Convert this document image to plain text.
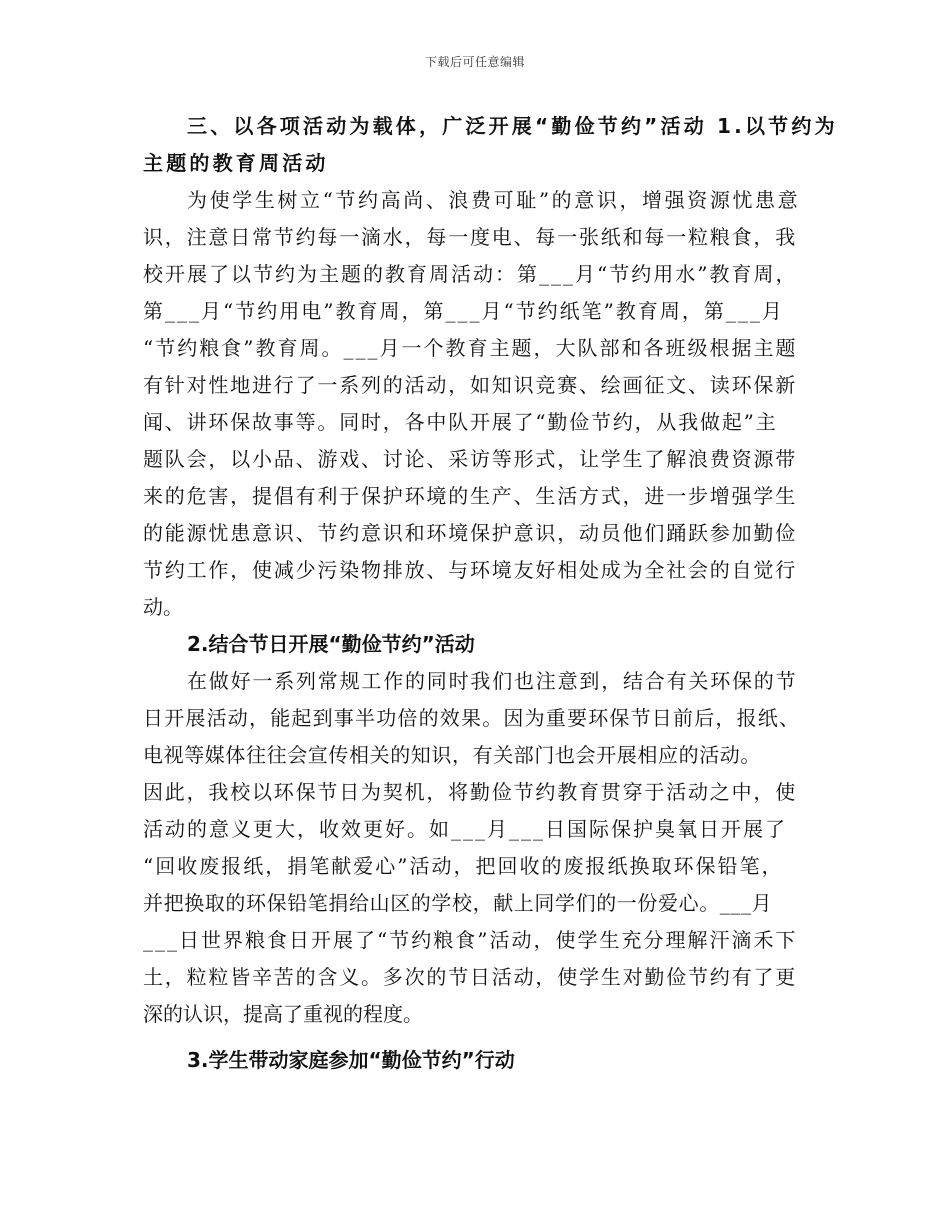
下载后可任意编辑
三、以各项活动为载体，广泛开展“勤俭节约”活动 1.以节约为
主题的教育周活动
为使学生树立“节约高尚、浪费可耻”的意识，增强资源忧患意
识，注意日常节约每一滴水，每一度电、每一张纸和每一粒粮食，我
校开展了以节约为主题的教育周活动：第___月“节约用水”教育周，
第___月“节约用电”教育周，第___月“节约纸笔”教育周，第___月
“节约粮食”教育周。___月一个教育主题，大队部和各班级根据主题
有针对性地进行了一系列的活动，如知识竞赛、绘画征文、读环保新
闻、讲环保故事等。同时，各中队开展了“勤俭节约，从我做起”主
题队会，以小品、游戏、讨论、采访等形式，让学生了解浪费资源带
来的危害，提倡有利于保护环境的生产、生活方式，进一步增强学生
的能源忧患意识、节约意识和环境保护意识，动员他们踊跃参加勤俭
节约工作，使减少污染物排放、与环境友好相处成为全社会的自觉行
动。
2.结合节日开展“勤俭节约”活动
在做好一系列常规工作的同时我们也注意到，结合有关环保的节
日开展活动，能起到事半功倍的效果。因为重要环保节日前后，报纸、
电视等媒体往往会宣传相关的知识，有关部门也会开展相应的活动。
因此，我校以环保节日为契机，将勤俭节约教育贯穿于活动之中，使
活动的意义更大，收效更好。如___月___日国际保护臭氧日开展了
“回收废报纸，捐笔献爱心”活动，把回收的废报纸换取环保铅笔，
并把换取的环保铅笔捐给山区的学校，献上同学们的一份爱心。___月
___日世界粮食日开展了“节约粮食”活动，使学生充分理解汗滴禾下
土，粒粒皆辛苦的含义。多次的节日活动，使学生对勤俭节约有了更
深的认识，提高了重视的程度。
3.学生带动家庭参加“勤俭节约”行动
